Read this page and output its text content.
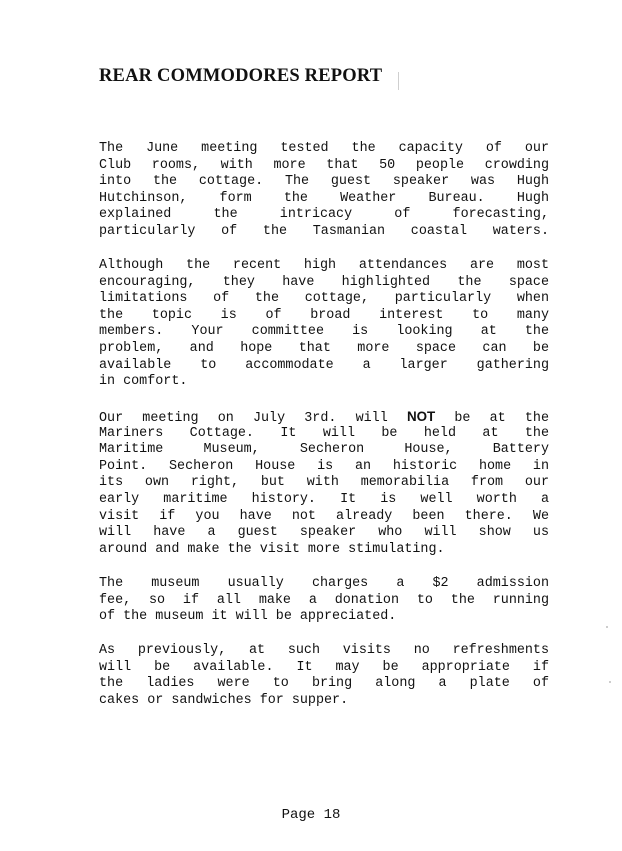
REAR COMMODORES REPORT
The June meeting tested the capacity of our
Club rooms, with more that 50 people crowding
into the cottage. The guest speaker was Hugh
Hutchinson, form the Weather Bureau. Hugh
explained the intricacy of forecasting,
particularly of the Tasmanian coastal waters.
Although the recent high attendances are most
encouraging, they have highlighted the space
limitations of the cottage, particularly when
the topic is of broad interest to many
members. Your committee is looking at the
problem, and hope that more space can be
available to accommodate a larger gathering
in comfort.
Our meeting on July 3rd. will NOT be at the
Mariners Cottage. It will be held at the
Maritime Museum, Secheron House, Battery
Point. Secheron House is an historic home in
its own right, but with memorabilia from our
early maritime history. It is well worth a
visit if you have not already been there. We
will have a guest speaker who will show us
around and make the visit more stimulating.
The museum usually charges a $2 admission
fee, so if all make a donation to the running
of the museum it will be appreciated.
As previously, at such visits no refreshments
will be available. It may be appropriate if
the ladies were to bring along a plate of
cakes or sandwiches for supper.

Page 18
